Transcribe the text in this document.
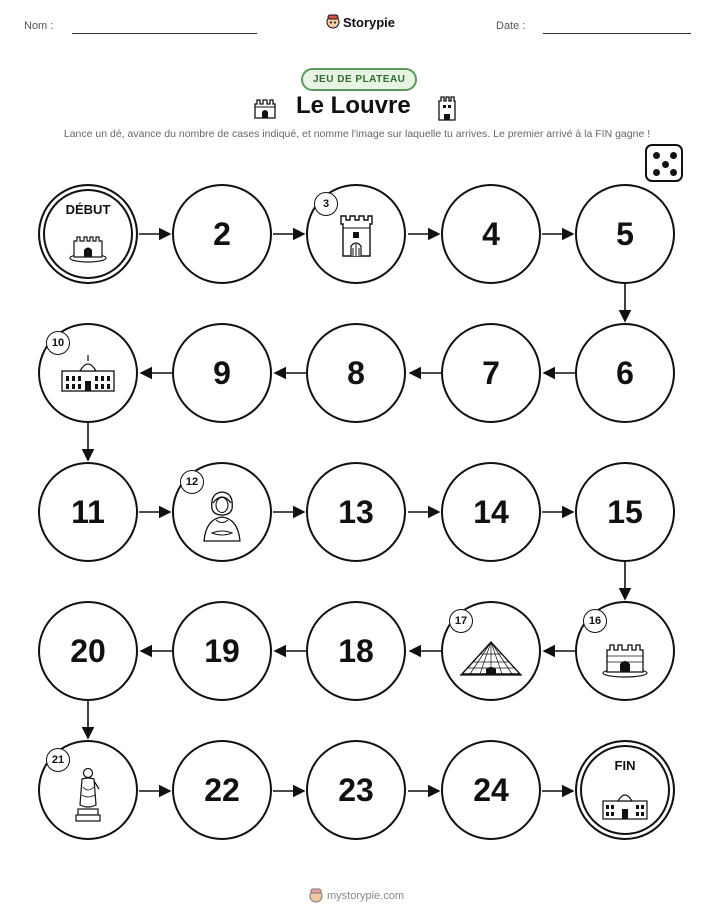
Nom :	Storypie	Date :
JEU DE PLATEAU
Le Louvre
Lance un dé, avance du nombre de cases indiqué, et nomme l'image sur laquelle tu arrives. Le premier arrivé à la FIN gagne !
DÉBUT
2
3
4	5
6
7
8
9
10
11
12
13	14	15
16
17
18
19
20
21
22	23	24
FIN
mystorypie.com
